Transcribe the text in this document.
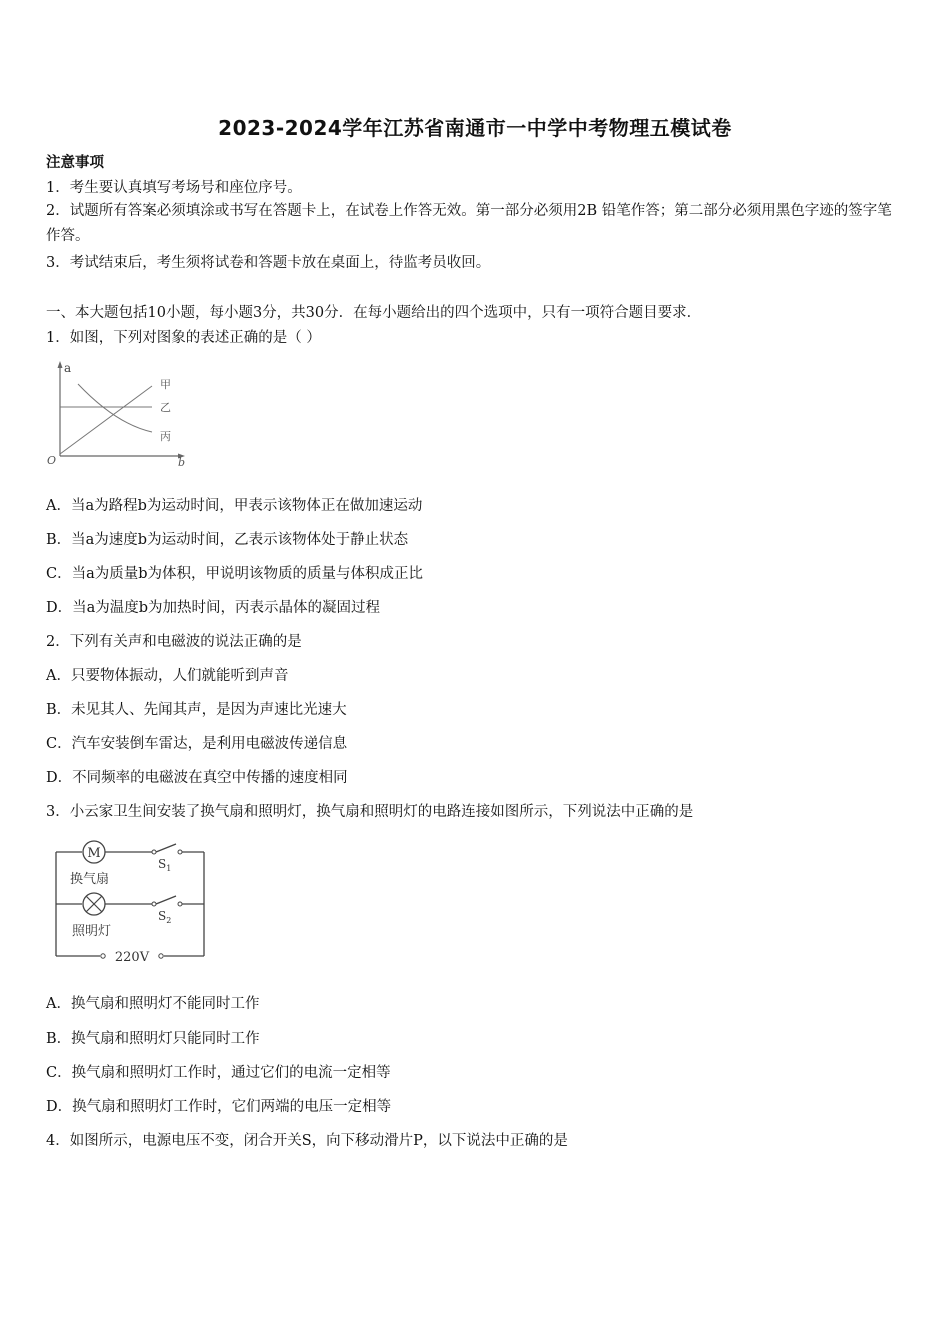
2023-2024学年江苏省南通市一中学中考物理五模试卷
注意事项
1．考生要认真填写考场号和座位序号。
2．试题所有答案必须填涂或书写在答题卡上，在试卷上作答无效。第一部分必须用2B 铅笔作答；第二部分必须用黑色字迹的签字笔作答。
3．考试结束后，考生须将试卷和答题卡放在桌面上，待监考员收回。
一、本大题包括10小题，每小题3分，共30分．在每小题给出的四个选项中，只有一项符合题目要求．
1．如图，下列对图象的表述正确的是（ ）
a
b
O
甲
乙
丙
A．当a为路程b为运动时间，甲表示该物体正在做加速运动
B．当a为速度b为运动时间，乙表示该物体处于静止状态
C．当a为质量b为体积，甲说明该物质的质量与体积成正比
D．当a为温度b为加热时间，丙表示晶体的凝固过程
2．下列有关声和电磁波的说法正确的是
A．只要物体振动，人们就能听到声音
B．未见其人、先闻其声，是因为声速比光速大
C．汽车安装倒车雷达，是利用电磁波传递信息
D．不同频率的电磁波在真空中传播的速度相同
3．小云家卫生间安装了换气扇和照明灯，换气扇和照明灯的电路连接如图所示，下列说法中正确的是
M
$S_1$
换气扇
$S_2$
照明灯
220V
A．换气扇和照明灯不能同时工作
B．换气扇和照明灯只能同时工作
C．换气扇和照明灯工作时，通过它们的电流一定相等
D．换气扇和照明灯工作时，它们两端的电压一定相等
4．如图所示，电源电压不变，闭合开关S，向下移动滑片P，以下说法中正确的是
